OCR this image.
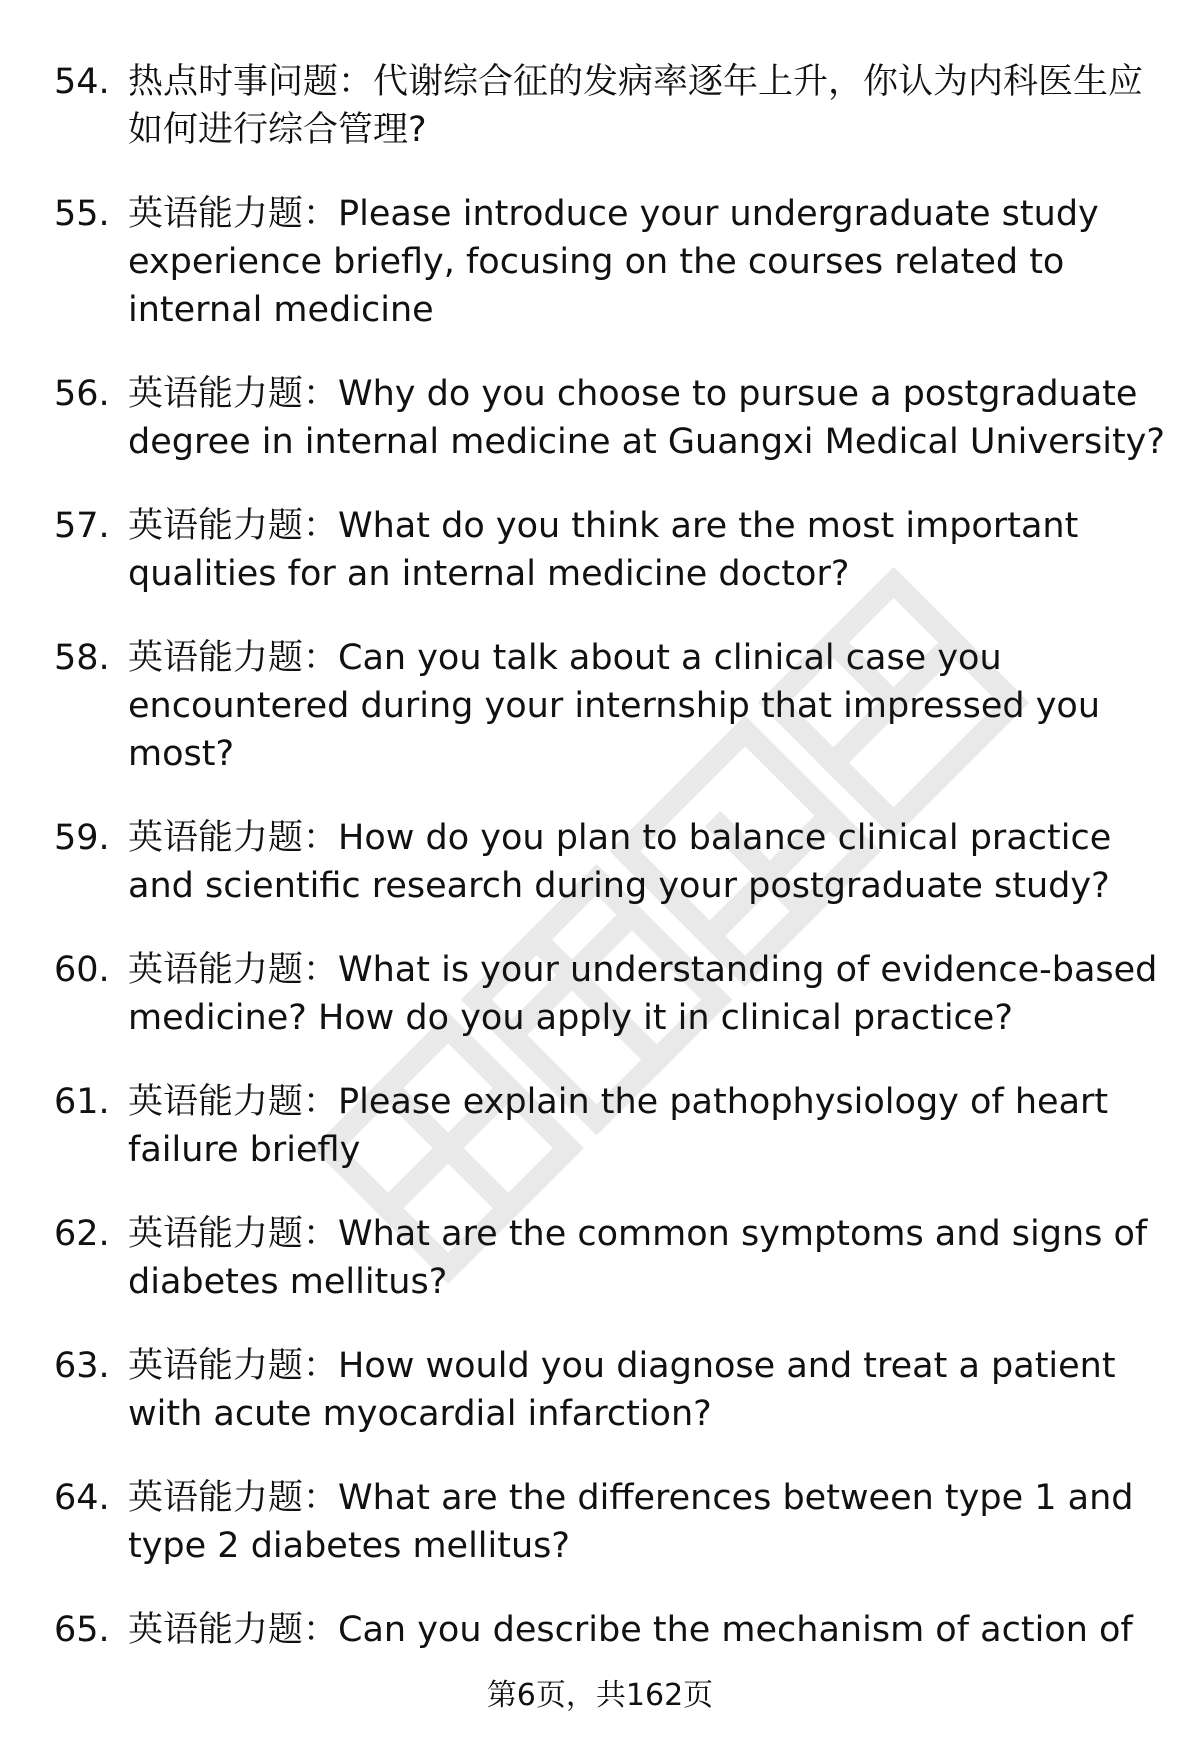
54. 热点时事问题：代谢综合征的发病率逐年上升，你认为内科医生应如何进行综合管理?
55. 英语能力题：Please introduce your undergraduate study experience briefly, focusing on the courses related to internal medicine
56. 英语能力题：Why do you choose to pursue a postgraduate degree in internal medicine at Guangxi Medical University?
57. 英语能力题：What do you think are the most important qualities for an internal medicine doctor?
58. 英语能力题：Can you talk about a clinical case you encountered during your internship that impressed you most?
59. 英语能力题：How do you plan to balance clinical practice and scientific research during your postgraduate study?
60. 英语能力题：What is your understanding of evidence-based medicine? How do you apply it in clinical practice?
61. 英语能力题：Please explain the pathophysiology of heart failure briefly
62. 英语能力题：What are the common symptoms and signs of diabetes mellitus?
63. 英语能力题：How would you diagnose and treat a patient with acute myocardial infarction?
64. 英语能力题：What are the differences between type 1 and type 2 diabetes mellitus?
65. 英语能力题：Can you describe the mechanism of action of
第6页，共162页
